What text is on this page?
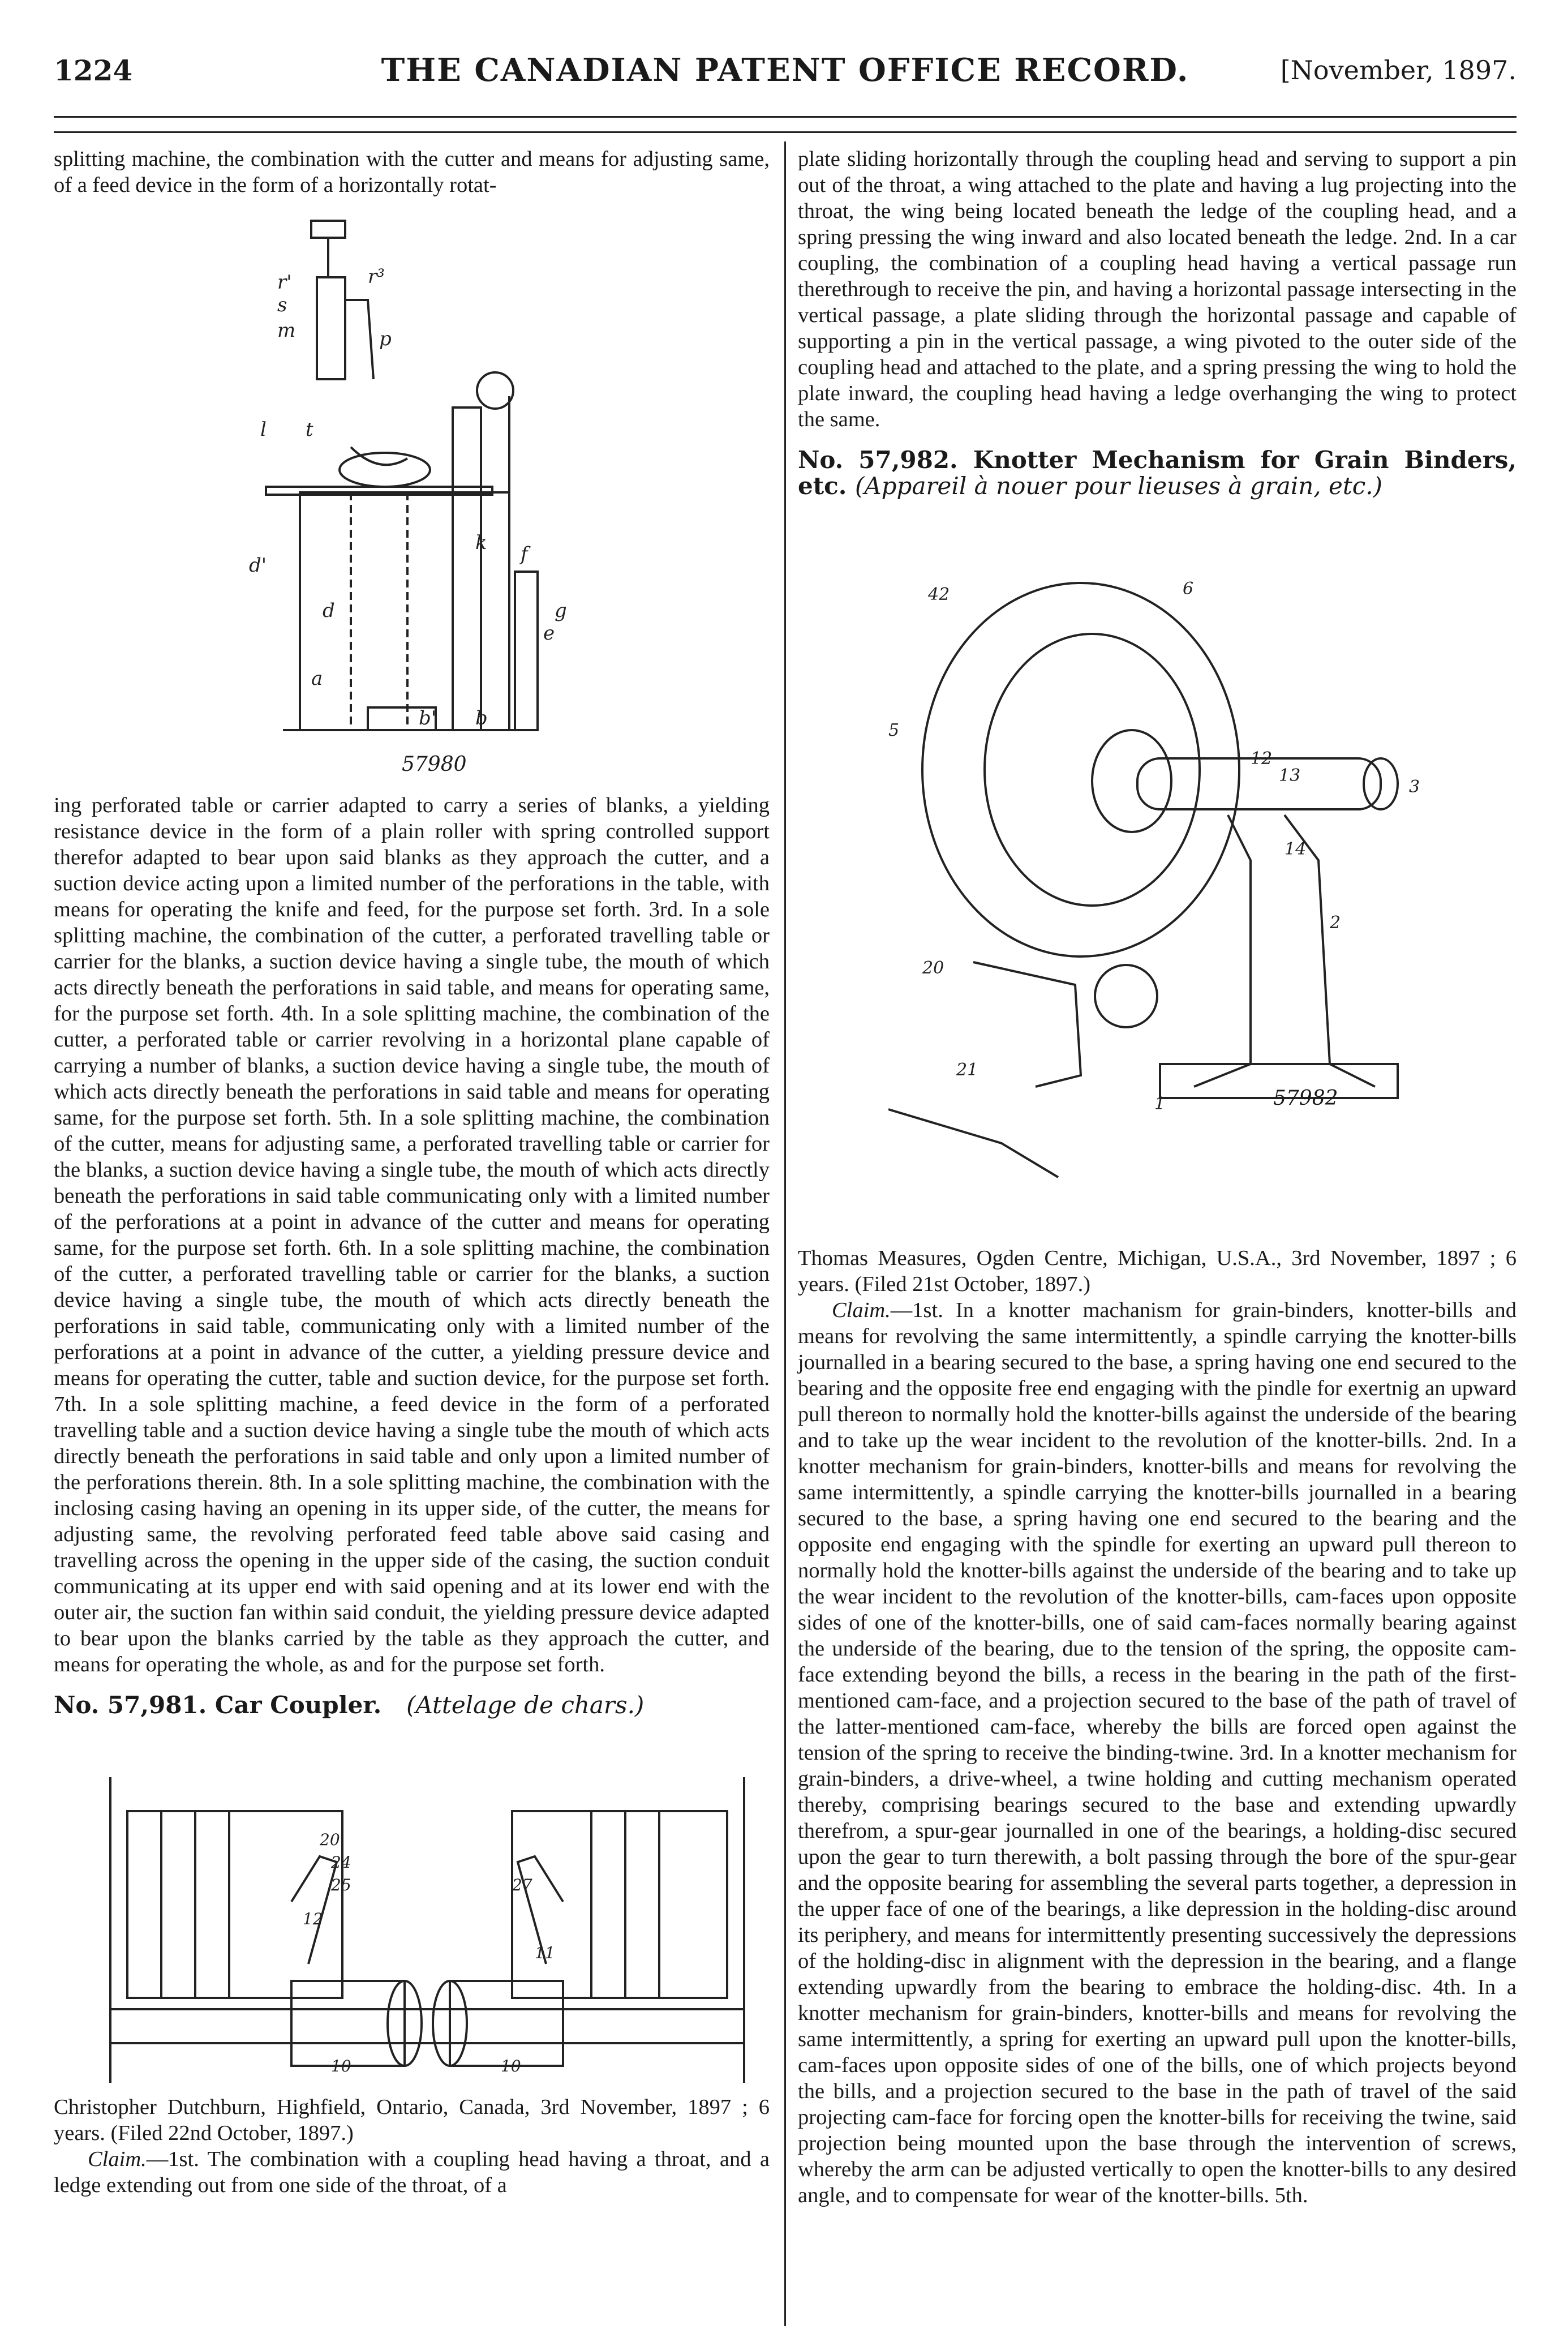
1224	THE CANADIAN PATENT OFFICE RECORD.	[November, 1897.

splitting machine, the combination with the cutter and means for adjusting same, of a feed device in the form of a horizontally rotat-

r'	r³
s
m	p
l t
d'
d
a
b' b
f
g
e
k
57980

ing perforated table or carrier adapted to carry a series of blanks, a yielding resistance device in the form of a plain roller with spring controlled support therefor adapted to bear upon said blanks as they approach the cutter, and a suction device acting upon a limited number of the perforations in the table, with means for operating the knife and feed, for the purpose set forth. 3rd. In a sole splitting machine, the combination of the cutter, a perforated travelling table or carrier for the blanks, a suction device having a single tube, the mouth of which acts directly beneath the perforations in said table, and means for operating same, for the purpose set forth. 4th. In a sole splitting machine, the combination of the cutter, a perforated table or carrier revolving in a horizontal plane capable of carrying a number of blanks, a suction device having a single tube, the mouth of which acts directly beneath the perforations in said table and means for operating same, for the purpose set forth. 5th. In a sole splitting machine, the combination of the cutter, means for adjusting same, a perforated travelling table or carrier for the blanks, a suction device having a single tube, the mouth of which acts directly beneath the perforations in said table communicating only with a limited number of the perforations at a point in advance of the cutter and means for operating same, for the purpose set forth. 6th. In a sole splitting machine, the combination of the cutter, a perforated travelling table or carrier for the blanks, a suction device having a single tube, the mouth of which acts directly beneath the perforations in said table, communicating only with a limited number of the perforations at a point in advance of the cutter, a yielding pressure device and means for operating the cutter, table and suction device, for the purpose set forth. 7th. In a sole splitting machine, a feed device in the form of a perforated travelling table and a suction device having a single tube the mouth of which acts directly beneath the perforations in said table and only upon a limited number of the perforations therein. 8th. In a sole splitting machine, the combination with the inclosing casing having an opening in its upper side, of the cutter, the means for adjusting same, the revolving perforated feed table above said casing and travelling across the opening in the upper side of the casing, the suction conduit communicating at its upper end with said opening and at its lower end with the outer air, the suction fan within said conduit, the yielding pressure device adapted to bear upon the blanks carried by the table as they approach the cutter, and means for operating the whole, as and for the purpose set forth.

No. 57,981. Car Coupler. (Attelage de chars.)

20
24
25
12
27
11
10	10

Christopher Dutchburn, Highfield, Ontario, Canada, 3rd November, 1897 ; 6 years. (Filed 22nd October, 1897.)

Claim.—1st. The combination with a coupling head having a throat, and a ledge extending out from one side of the throat, of a

plate sliding horizontally through the coupling head and serving to support a pin out of the throat, a wing attached to the plate and having a lug projecting into the throat, the wing being located beneath the ledge of the coupling head, and a spring pressing the wing inward and also located beneath the ledge. 2nd. In a car coupling, the combination of a coupling head having a vertical passage run therethrough to receive the pin, and having a horizontal passage intersecting in the vertical passage, a plate sliding through the horizontal passage and capable of supporting a pin in the vertical passage, a wing pivoted to the outer side of the coupling head and attached to the plate, and a spring pressing the wing to hold the plate inward, the coupling head having a ledge overhanging the wing to protect the same.

No. 57,982. Knotter Mechanism for Grain Binders, etc. (Appareil à nouer pour lieuses à grain, etc.)

42	6
5
12
13
3
14
2
20
21
1	57982

Thomas Measures, Ogden Centre, Michigan, U.S.A., 3rd November, 1897 ; 6 years. (Filed 21st October, 1897.)

Claim.—1st. In a knotter machanism for grain-binders, knotter-bills and means for revolving the same intermittently, a spindle carrying the knotter-bills journalled in a bearing secured to the base, a spring having one end secured to the bearing and the opposite free end engaging with the pindle for exertnig an upward pull thereon to normally hold the knotter-bills against the underside of the bearing and to take up the wear incident to the revolution of the knotter-bills. 2nd. In a knotter mechanism for grain-binders, knotter-bills and means for revolving the same intermittently, a spindle carrying the knotter-bills journalled in a bearing secured to the base, a spring having one end secured to the bearing and the opposite end engaging with the spindle for exerting an upward pull thereon to normally hold the knotter-bills against the underside of the bearing and to take up the wear incident to the revolution of the knotter-bills, cam-faces upon opposite sides of one of the knotter-bills, one of said cam-faces normally bearing against the underside of the bearing, due to the tension of the spring, the opposite cam-face extending beyond the bills, a recess in the bearing in the path of the first-mentioned cam-face, and a projection secured to the base of the path of travel of the latter-mentioned cam-face, whereby the bills are forced open against the tension of the spring to receive the binding-twine. 3rd. In a knotter mechanism for grain-binders, a drive-wheel, a twine holding and cutting mechanism operated thereby, comprising bearings secured to the base and extending upwardly therefrom, a spur-gear journalled in one of the bearings, a holding-disc secured upon the gear to turn therewith, a bolt passing through the bore of the spur-gear and the opposite bearing for assembling the several parts together, a depression in the upper face of one of the bearings, a like depression in the holding-disc around its periphery, and means for intermittently presenting successively the depressions of the holding-disc in alignment with the depression in the bearing, and a flange extending upwardly from the bearing to embrace the holding-disc. 4th. In a knotter mechanism for grain-binders, knotter-bills and means for revolving the same intermittently, a spring for exerting an upward pull upon the knotter-bills, cam-faces upon opposite sides of one of the bills, one of which projects beyond the bills, and a projection secured to the base in the path of travel of the said projecting cam-face for forcing open the knotter-bills for receiving the twine, said projection being mounted upon the base through the intervention of screws, whereby the arm can be adjusted vertically to open the knotter-bills to any desired angle, and to compensate for wear of the knotter-bills. 5th.
